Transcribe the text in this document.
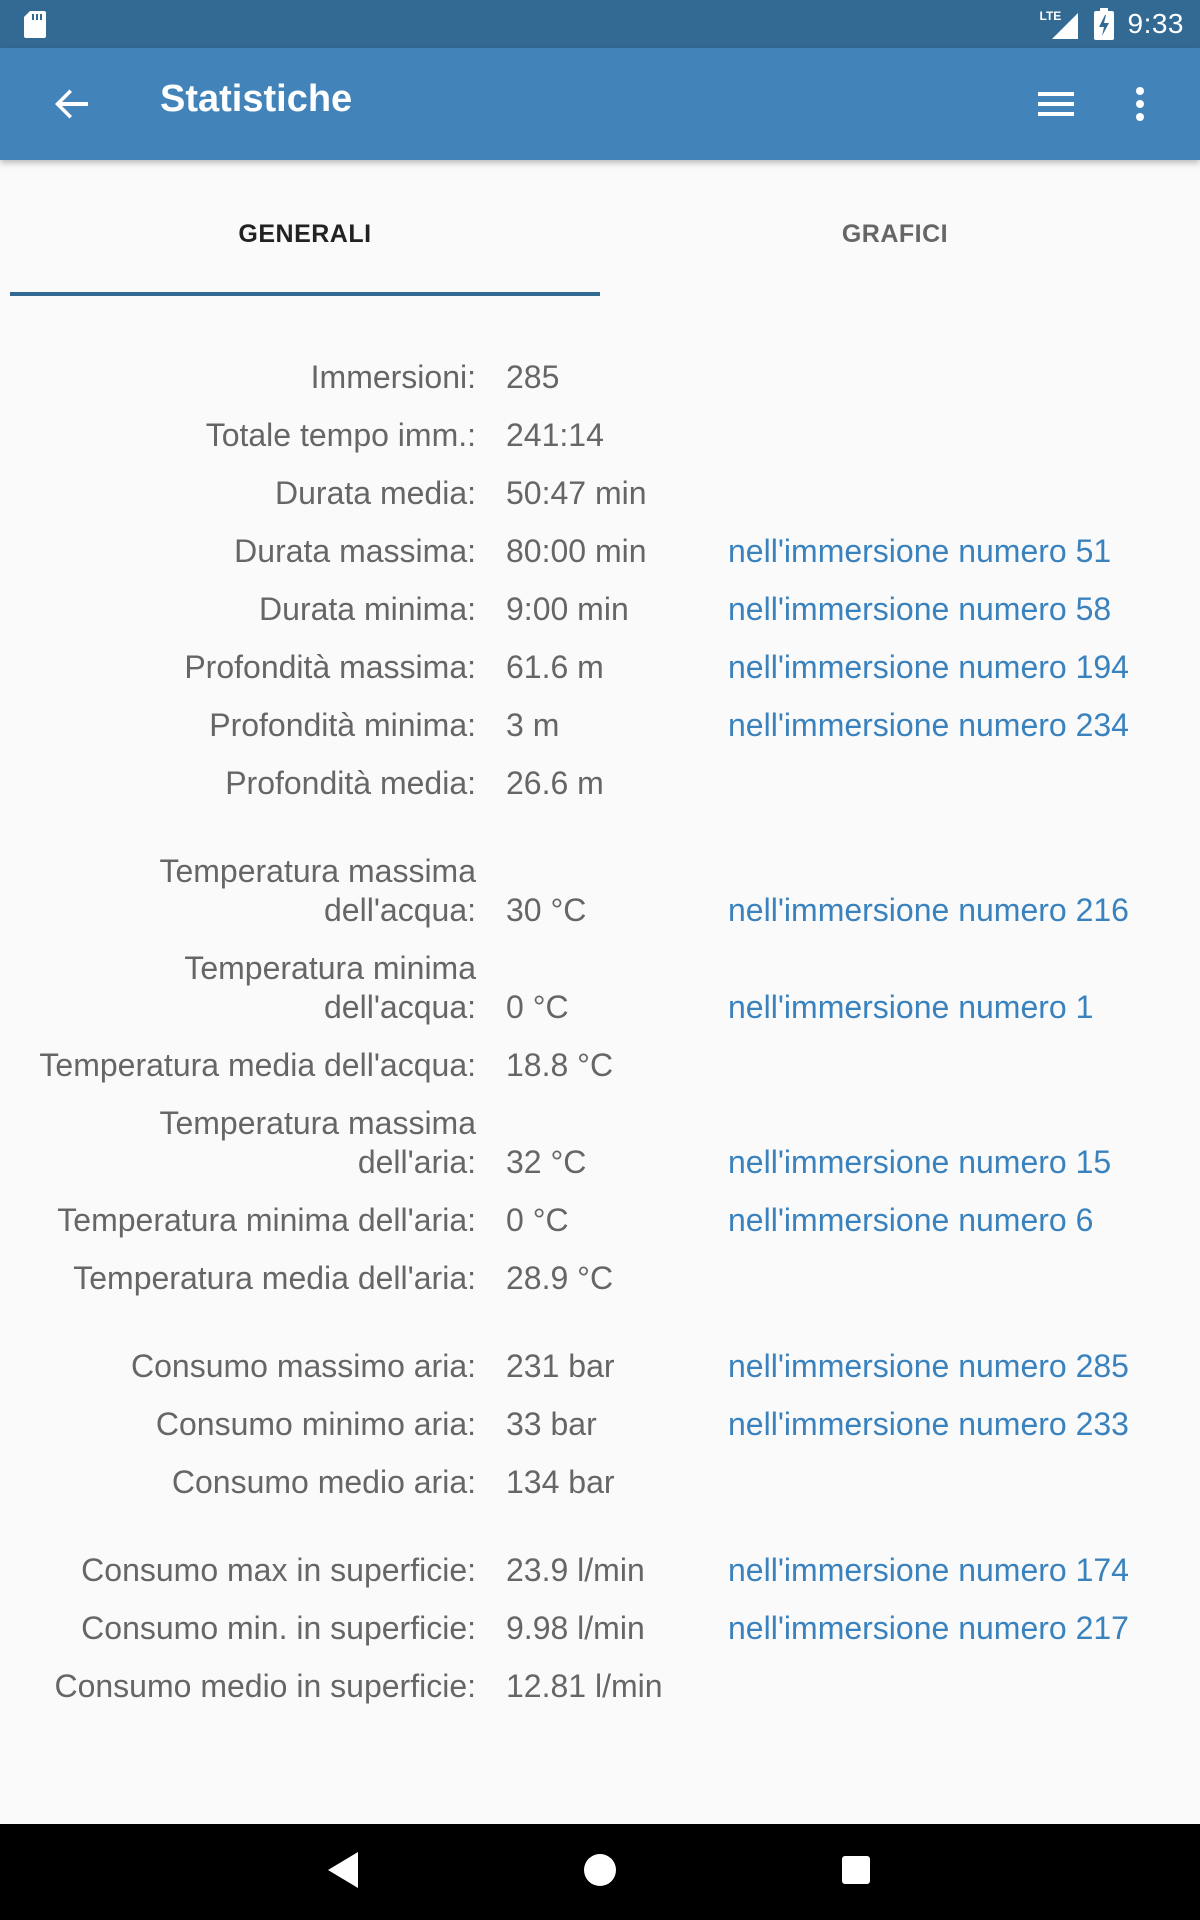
LTE 9:33
Statistiche
GENERALI	GRAFICI
Immersioni: 285
Totale tempo imm.: 241:14
Durata media: 50:47 min
Durata massima: 80:00 min	nell'immersione numero 51
Durata minima: 9:00 min	nell'immersione numero 58
Profondità massima: 61.6 m	nell'immersione numero 194
Profondità minima: 3 m	nell'immersione numero 234
Profondità media: 26.6 m
Temperatura massima dell'acqua: 30 °C	nell'immersione numero 216
Temperatura minima dell'acqua: 0 °C	nell'immersione numero 1
Temperatura media dell'acqua: 18.8 °C
Temperatura massima dell'aria: 32 °C	nell'immersione numero 15
Temperatura minima dell'aria: 0 °C	nell'immersione numero 6
Temperatura media dell'aria: 28.9 °C
Consumo massimo aria: 231 bar	nell'immersione numero 285
Consumo minimo aria: 33 bar	nell'immersione numero 233
Consumo medio aria: 134 bar
Consumo max in superficie: 23.9 l/min	nell'immersione numero 174
Consumo min. in superficie: 9.98 l/min	nell'immersione numero 217
Consumo medio in superficie: 12.81 l/min
